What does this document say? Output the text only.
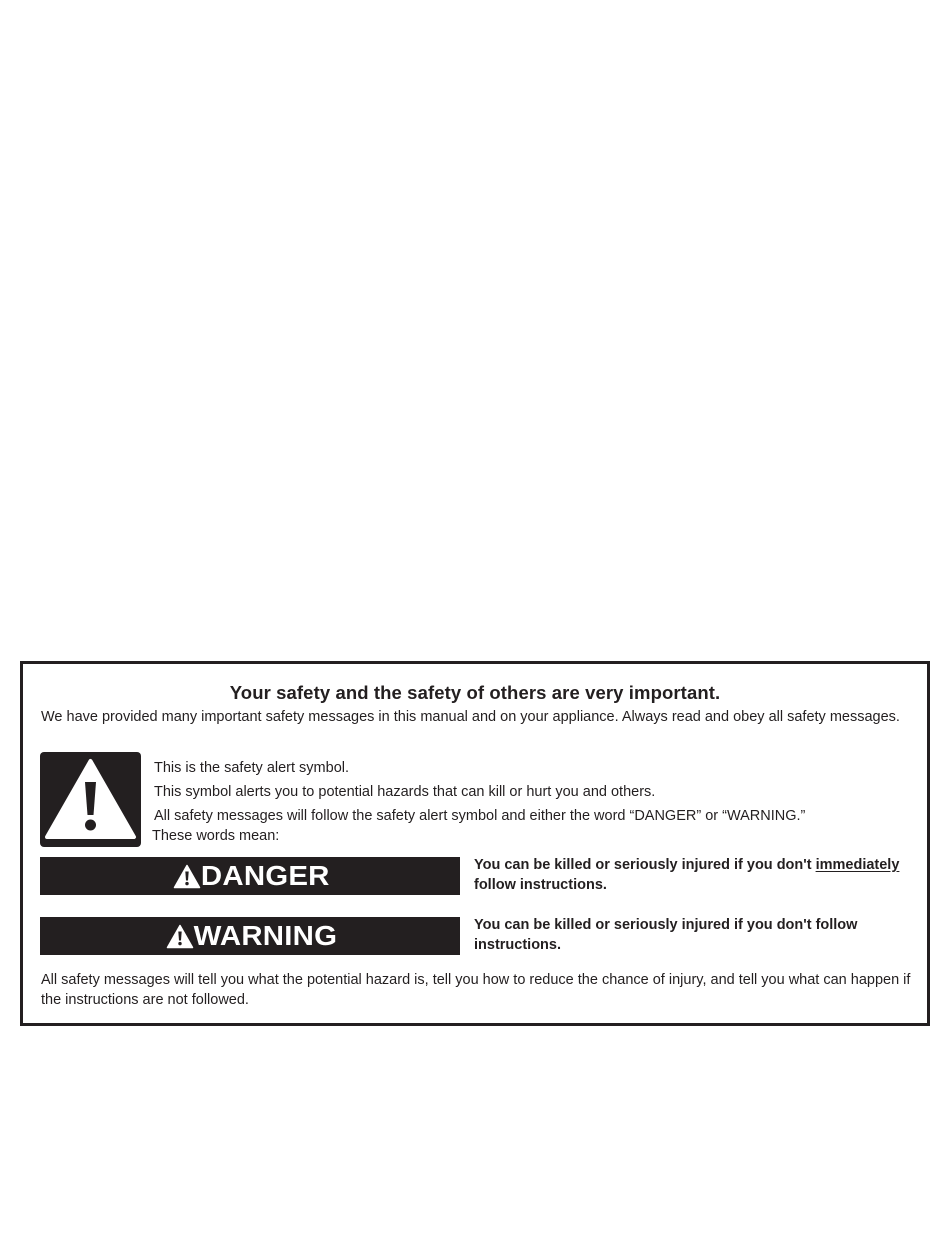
Your safety and the safety of others are very important.
We have provided many important safety messages in this manual and on your appliance. Always read and obey all safety messages.
This is the safety alert symbol.
This symbol alerts you to potential hazards that can kill or hurt you and others.
All safety messages will follow the safety alert symbol and either the word “DANGER” or “WARNING.”
These words mean:
DANGER	You can be killed or seriously injured if you don't immediately follow instructions.
WARNING	You can be killed or seriously injured if you don't follow instructions.
All safety messages will tell you what the potential hazard is, tell you how to reduce the chance of injury, and tell you what can happen if the instructions are not followed.
